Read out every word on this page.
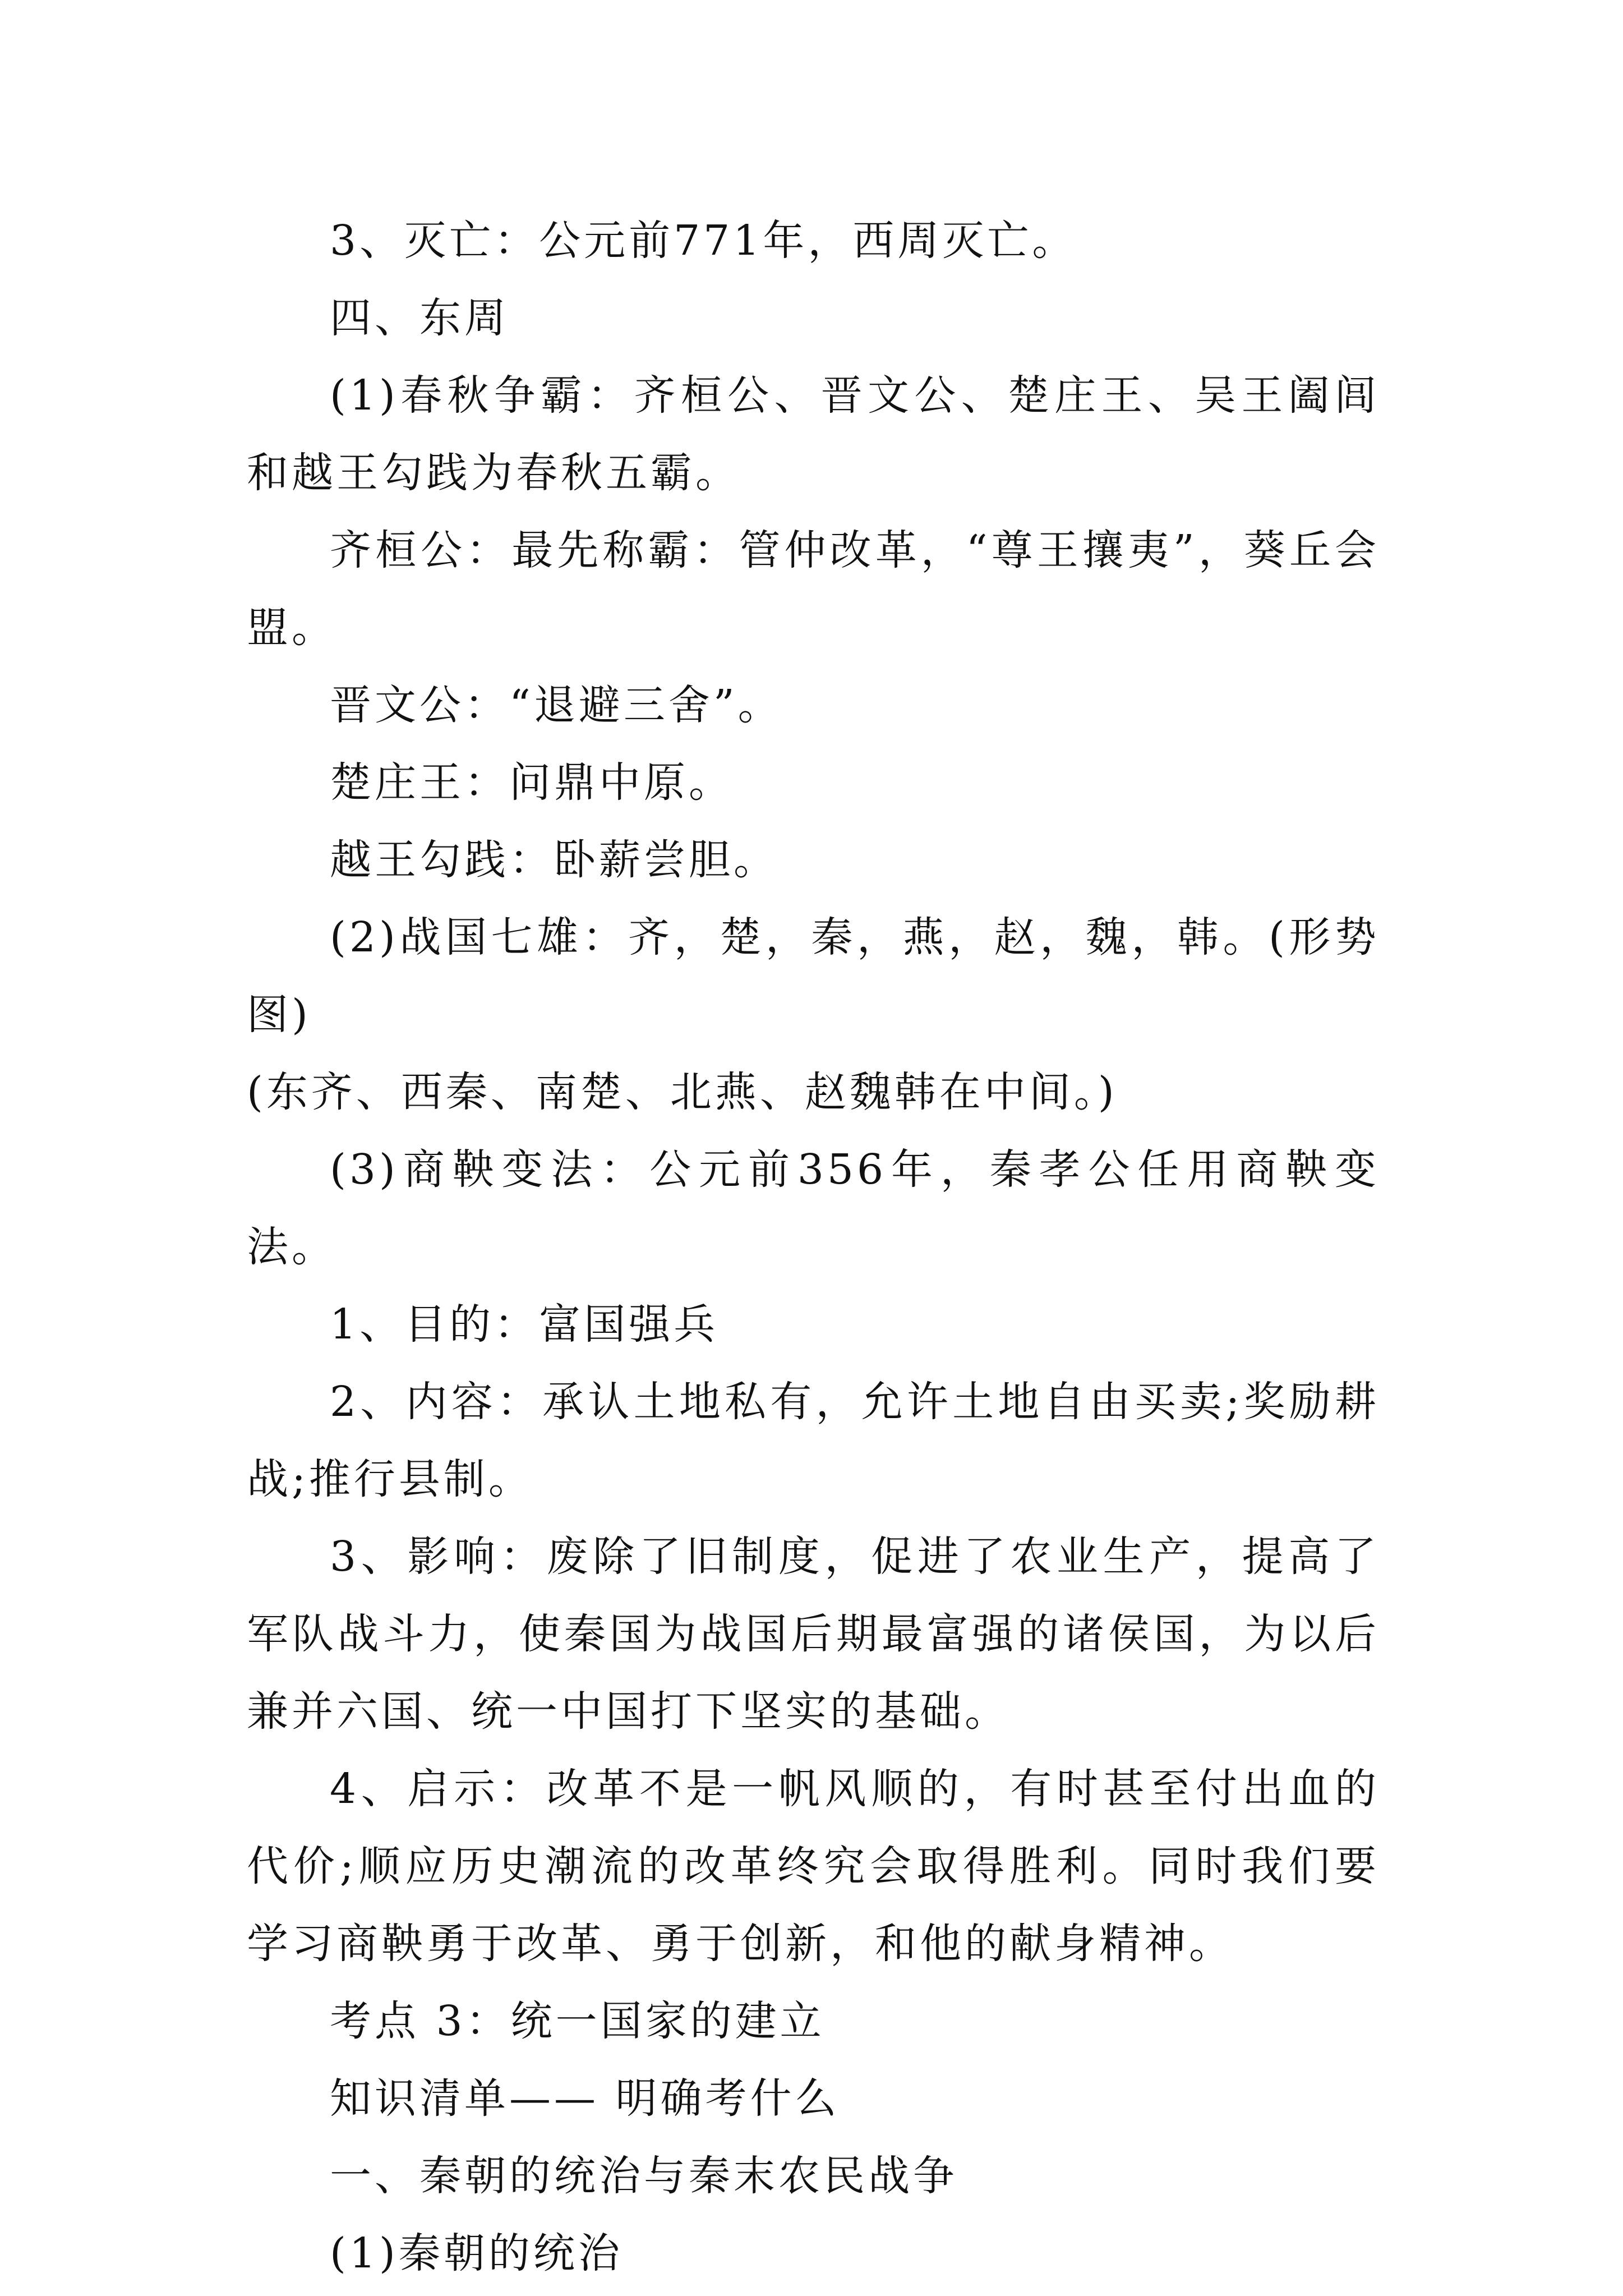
3、灭亡：公元前771年，西周灭亡。

四、东周

(1)春秋争霸：齐桓公、晋文公、楚庄王、吴王阖闾和越王勾践为春秋五霸。

齐桓公：最先称霸：管仲改革，“尊王攘夷”，葵丘会盟。

晋文公：“退避三舍”。

楚庄王：问鼎中原。

越王勾践：卧薪尝胆。

(2)战国七雄：齐，楚，秦，燕，赵，魏，韩。(形势图)

(东齐、西秦、南楚、北燕、赵魏韩在中间。)

(3)商鞅变法：公元前356年，秦孝公任用商鞅变法。

1、目的：富国强兵

2、内容：承认土地私有，允许土地自由买卖;奖励耕战;推行县制。

3、影响：废除了旧制度，促进了农业生产，提高了军队战斗力，使秦国为战国后期最富强的诸侯国，为以后兼并六国、统一中国打下坚实的基础。

4、启示：改革不是一帆风顺的，有时甚至付出血的代价;顺应历史潮流的改革终究会取得胜利。同时我们要学习商鞅勇于改革、勇于创新，和他的献身精神。

考点 3：统一国家的建立

知识清单—— 明确考什么

一、秦朝的统治与秦末农民战争

(1)秦朝的统治
